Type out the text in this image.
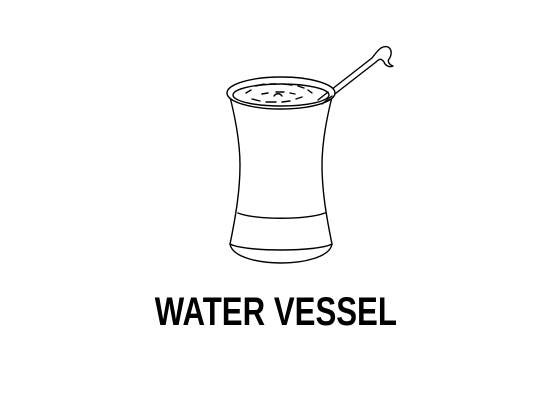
WATER VESSEL
